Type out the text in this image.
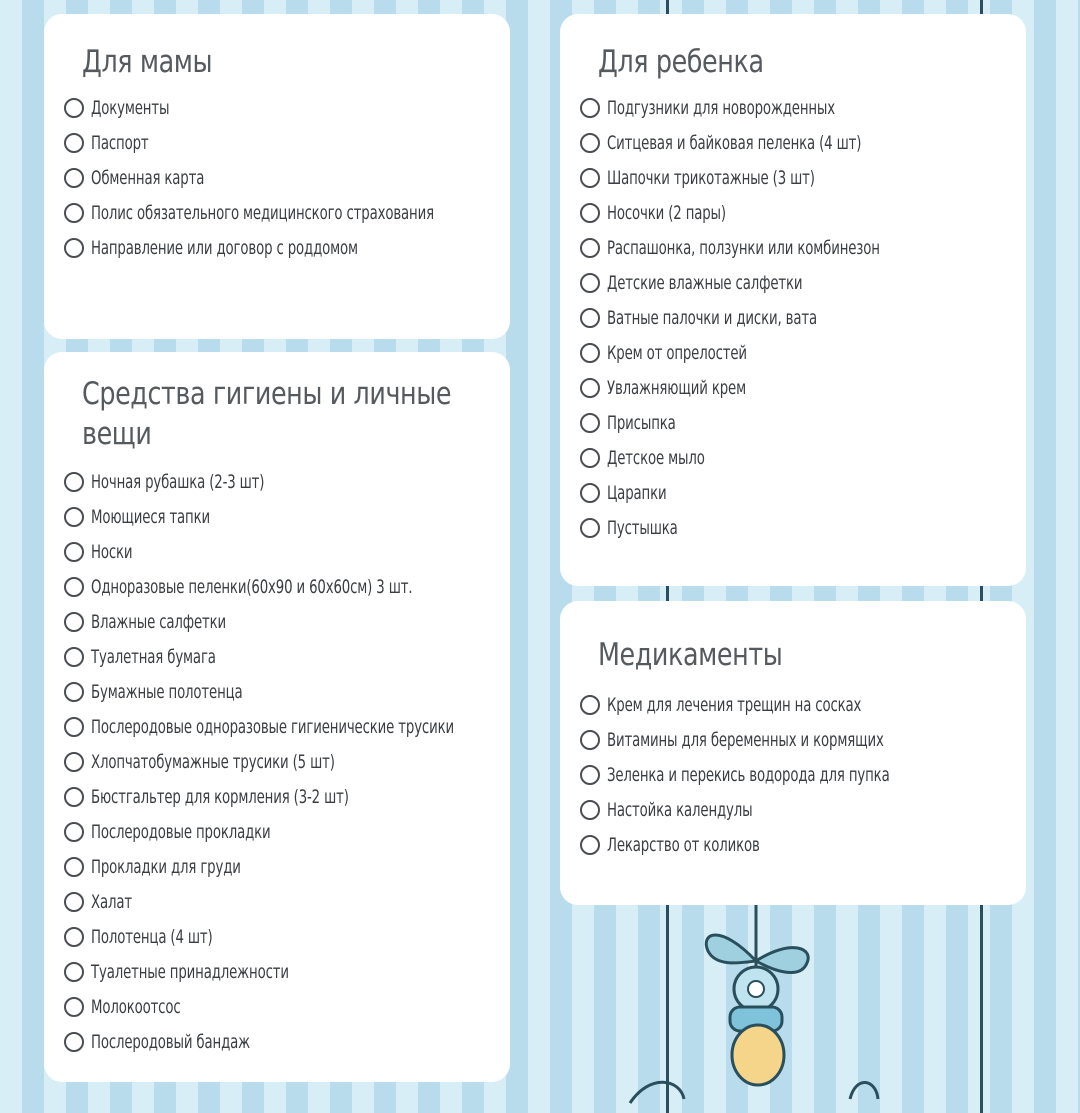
Для мамы
Документы
Паспорт
Обменная карта
Полис обязательного медицинского страхования
Направление или договор с роддомом
Средства гигиены и личные вещи
Ночная рубашка (2-3 шт)
Моющиеся тапки
Носки
Одноразовые пеленки(60х90 и 60х60см) 3 шт.
Влажные салфетки
Туалетная бумага
Бумажные полотенца
Послеродовые одноразовые гигиенические трусики
Хлопчатобумажные трусики (5 шт)
Бюстгальтер для кормления (3-2 шт)
Послеродовые прокладки
Прокладки для груди
Халат
Полотенца (4 шт)
Туалетные принадлежности
Молокоотсос
Послеродовый бандаж
Для ребенка
Подгузники для новорожденных
Ситцевая и байковая пеленка (4 шт)
Шапочки трикотажные (3 шт)
Носочки (2 пары)
Распашонка, ползунки или комбинезон
Детские влажные салфетки
Ватные палочки и диски, вата
Крем от опрелостей
Увлажняющий крем
Присыпка
Детское мыло
Царапки
Пустышка
Медикаменты
Крем для лечения трещин на сосках
Витамины для беременных и кормящих
Зеленка и перекись водорода для пупка
Настойка календулы
Лекарство от коликов
